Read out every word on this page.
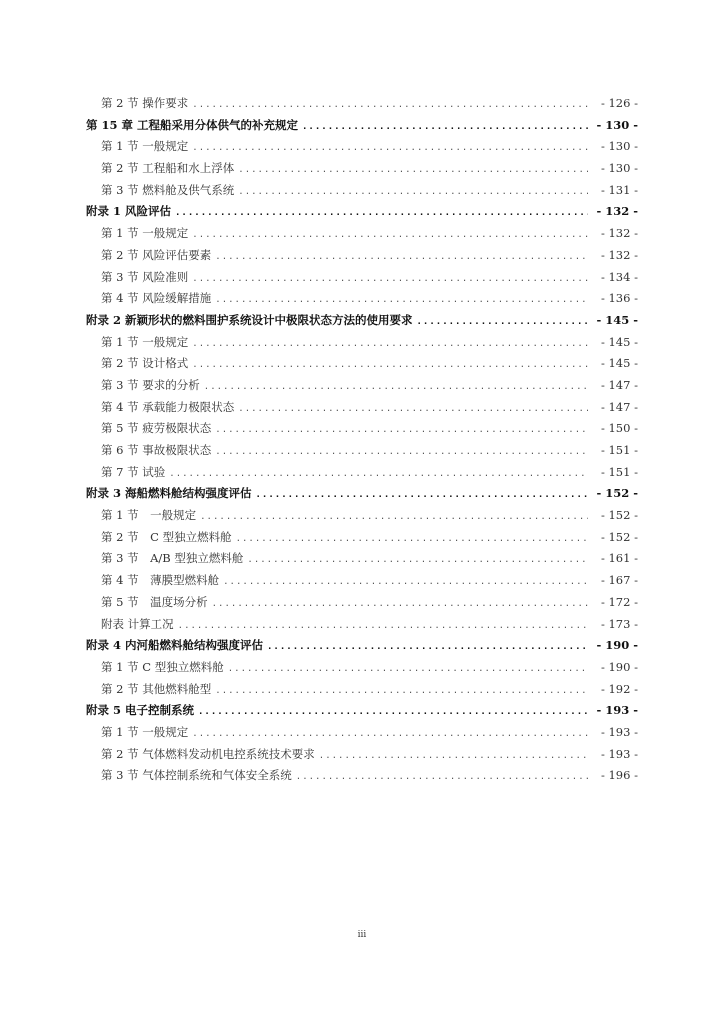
第 2 节 操作要求 .....	- 126 -
第 15 章 工程船采用分体供气的补充规定 .....	- 130 -
第 1 节 一般规定 .....	- 130 -
第 2 节 工程船和水上浮体 .....	- 130 -
第 3 节 燃料舱及供气系统 .....	- 131 -
附录 1 风险评估 .....	- 132 -
第 1 节 一般规定 .....	- 132 -
第 2 节 风险评估要素 .....	- 132 -
第 3 节 风险准则 .....	- 134 -
第 4 节 风险缓解措施 .....	- 136 -
附录 2 新颖形状的燃料围护系统设计中极限状态方法的使用要求 .....	- 145 -
第 1 节 一般规定 .....	- 145 -
第 2 节 设计格式 .....	- 145 -
第 3 节 要求的分析 .....	- 147 -
第 4 节 承载能力极限状态 .....	- 147 -
第 5 节 疲劳极限状态 .....	- 150 -
第 6 节 事故极限状态 .....	- 151 -
第 7 节 试验 .....	- 151 -
附录 3 海船燃料舱结构强度评估 .....	- 152 -
第 1 节　一般规定 .....	- 152 -
第 2 节　C 型独立燃料舱 .....	- 152 -
第 3 节　A/B 型独立燃料舱 .....	- 161 -
第 4 节　薄膜型燃料舱 .....	- 167 -
第 5 节　温度场分析 .....	- 172 -
附表 计算工况 .....	- 173 -
附录 4 内河船燃料舱结构强度评估 .....	- 190 -
第 1 节 C 型独立燃料舱 .....	- 190 -
第 2 节 其他燃料舱型 .....	- 192 -
附录 5 电子控制系统 .....	- 193 -
第 1 节 一般规定 .....	- 193 -
第 2 节 气体燃料发动机电控系统技术要求 .....	- 193 -
第 3 节 气体控制系统和气体安全系统 .....	- 196 -
iii
